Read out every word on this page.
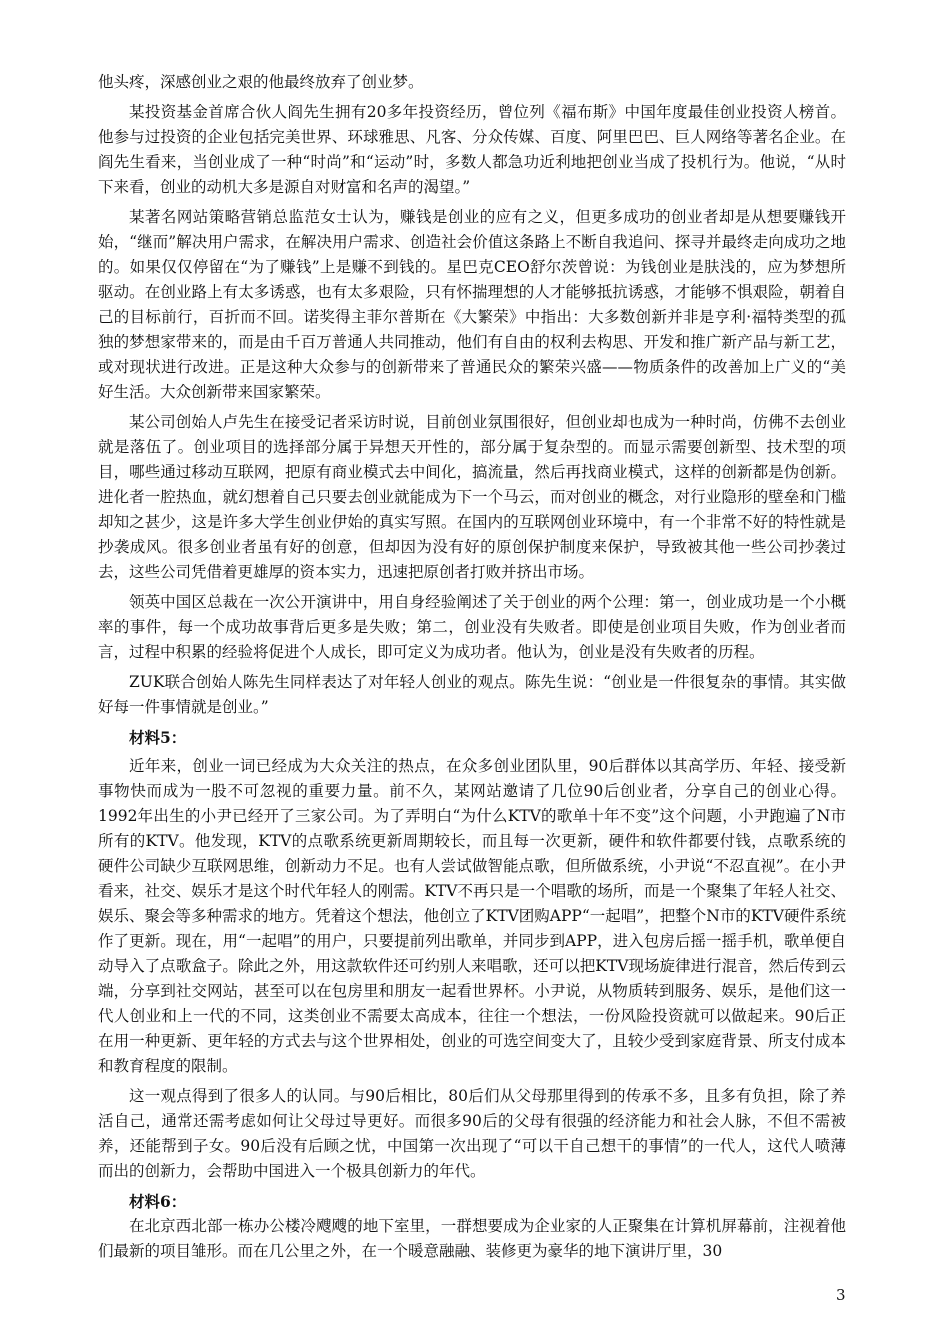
他头疼，深感创业之艰的他最终放弃了创业梦。

某投资基金首席合伙人阎先生拥有20多年投资经历，曾位列《福布斯》中国年度最佳创业投资人榜首。他参与过投资的企业包括完美世界、环球雅思、凡客、分众传媒、百度、阿里巴巴、巨人网络等著名企业。在阎先生看来，当创业成了一种“时尚”和“运动”时，多数人都急功近利地把创业当成了投机行为。他说，“从时下来看，创业的动机大多是源自对财富和名声的渴望。”

某著名网站策略营销总监范女士认为，赚钱是创业的应有之义，但更多成功的创业者却是从想要赚钱开始，“继而”解决用户需求，在解决用户需求、创造社会价值这条路上不断自我追问、探寻并最终走向成功之地的。如果仅仅停留在“为了赚钱”上是赚不到钱的。星巴克CEO舒尔茨曾说：为钱创业是肤浅的，应为梦想所驱动。在创业路上有太多诱惑，也有太多艰险，只有怀揣理想的人才能够抵抗诱惑，才能够不惧艰险，朝着自己的目标前行，百折而不回。诺奖得主菲尔普斯在《大繁荣》中指出：大多数创新并非是亨利·福特类型的孤独的梦想家带来的，而是由千百万普通人共同推动，他们有自由的权利去构思、开发和推广新产品与新工艺，或对现状进行改进。正是这种大众参与的创新带来了普通民众的繁荣兴盛——物质条件的改善加上广义的“美好生活。大众创新带来国家繁荣。

某公司创始人卢先生在接受记者采访时说，目前创业氛围很好，但创业却也成为一种时尚，仿佛不去创业就是落伍了。创业项目的选择部分属于异想天开性的，部分属于复杂型的。而显示需要创新型、技术型的项目，哪些通过移动互联网，把原有商业模式去中间化，搞流量，然后再找商业模式，这样的创新都是伪创新。进化者一腔热血，就幻想着自己只要去创业就能成为下一个马云，而对创业的概念，对行业隐形的壁垒和门槛却知之甚少，这是许多大学生创业伊始的真实写照。在国内的互联网创业环境中，有一个非常不好的特性就是抄袭成风。很多创业者虽有好的创意，但却因为没有好的原创保护制度来保护，导致被其他一些公司抄袭过去，这些公司凭借着更雄厚的资本实力，迅速把原创者打败并挤出市场。

领英中国区总裁在一次公开演讲中，用自身经验阐述了关于创业的两个公理：第一，创业成功是一个小概率的事件，每一个成功故事背后更多是失败；第二，创业没有失败者。即使是创业项目失败，作为创业者而言，过程中积累的经验将促进个人成长，即可定义为成功者。他认为，创业是没有失败者的历程。

ZUK联合创始人陈先生同样表达了对年轻人创业的观点。陈先生说：“创业是一件很复杂的事情。其实做好每一件事情就是创业。”

材料5：

近年来，创业一词已经成为大众关注的热点，在众多创业团队里，90后群体以其高学历、年轻、接受新事物快而成为一股不可忽视的重要力量。前不久，某网站邀请了几位90后创业者，分享自己的创业心得。1992年出生的小尹已经开了三家公司。为了弄明白“为什么KTV的歌单十年不变”这个问题，小尹跑遍了N市所有的KTV。他发现，KTV的点歌系统更新周期较长，而且每一次更新，硬件和软件都要付钱，点歌系统的硬件公司缺少互联网思维，创新动力不足。也有人尝试做智能点歌，但所做系统，小尹说“不忍直视”。在小尹看来，社交、娱乐才是这个时代年轻人的刚需。KTV不再只是一个唱歌的场所，而是一个聚集了年轻人社交、娱乐、聚会等多种需求的地方。凭着这个想法，他创立了KTV团购APP“一起唱”，把整个N市的KTV硬件系统作了更新。现在，用“一起唱”的用户，只要提前列出歌单，并同步到APP，进入包房后摇一摇手机，歌单便自动导入了点歌盒子。除此之外，用这款软件还可约别人来唱歌，还可以把KTV现场旋律进行混音，然后传到云端，分享到社交网站，甚至可以在包房里和朋友一起看世界杯。小尹说，从物质转到服务、娱乐，是他们这一代人创业和上一代的不同，这类创业不需要太高成本，往往一个想法，一份风险投资就可以做起来。90后正在用一种更新、更年轻的方式去与这个世界相处，创业的可选空间变大了，且较少受到家庭背景、所支付成本和教育程度的限制。

这一观点得到了很多人的认同。与90后相比，80后们从父母那里得到的传承不多，且多有负担，除了养活自己，通常还需考虑如何让父母过导更好。而很多90后的父母有很强的经济能力和社会人脉，不但不需被养，还能帮到子女。90后没有后顾之忧，中国第一次出现了“可以干自己想干的事情”的一代人，这代人喷薄而出的创新力，会帮助中国进入一个极具创新力的年代。

材料6：

在北京西北部一栋办公楼冷飕飕的地下室里，一群想要成为企业家的人正聚集在计算机屏幕前，注视着他们最新的项目雏形。而在几公里之外，在一个暖意融融、装修更为豪华的地下演讲厅里，30

3
